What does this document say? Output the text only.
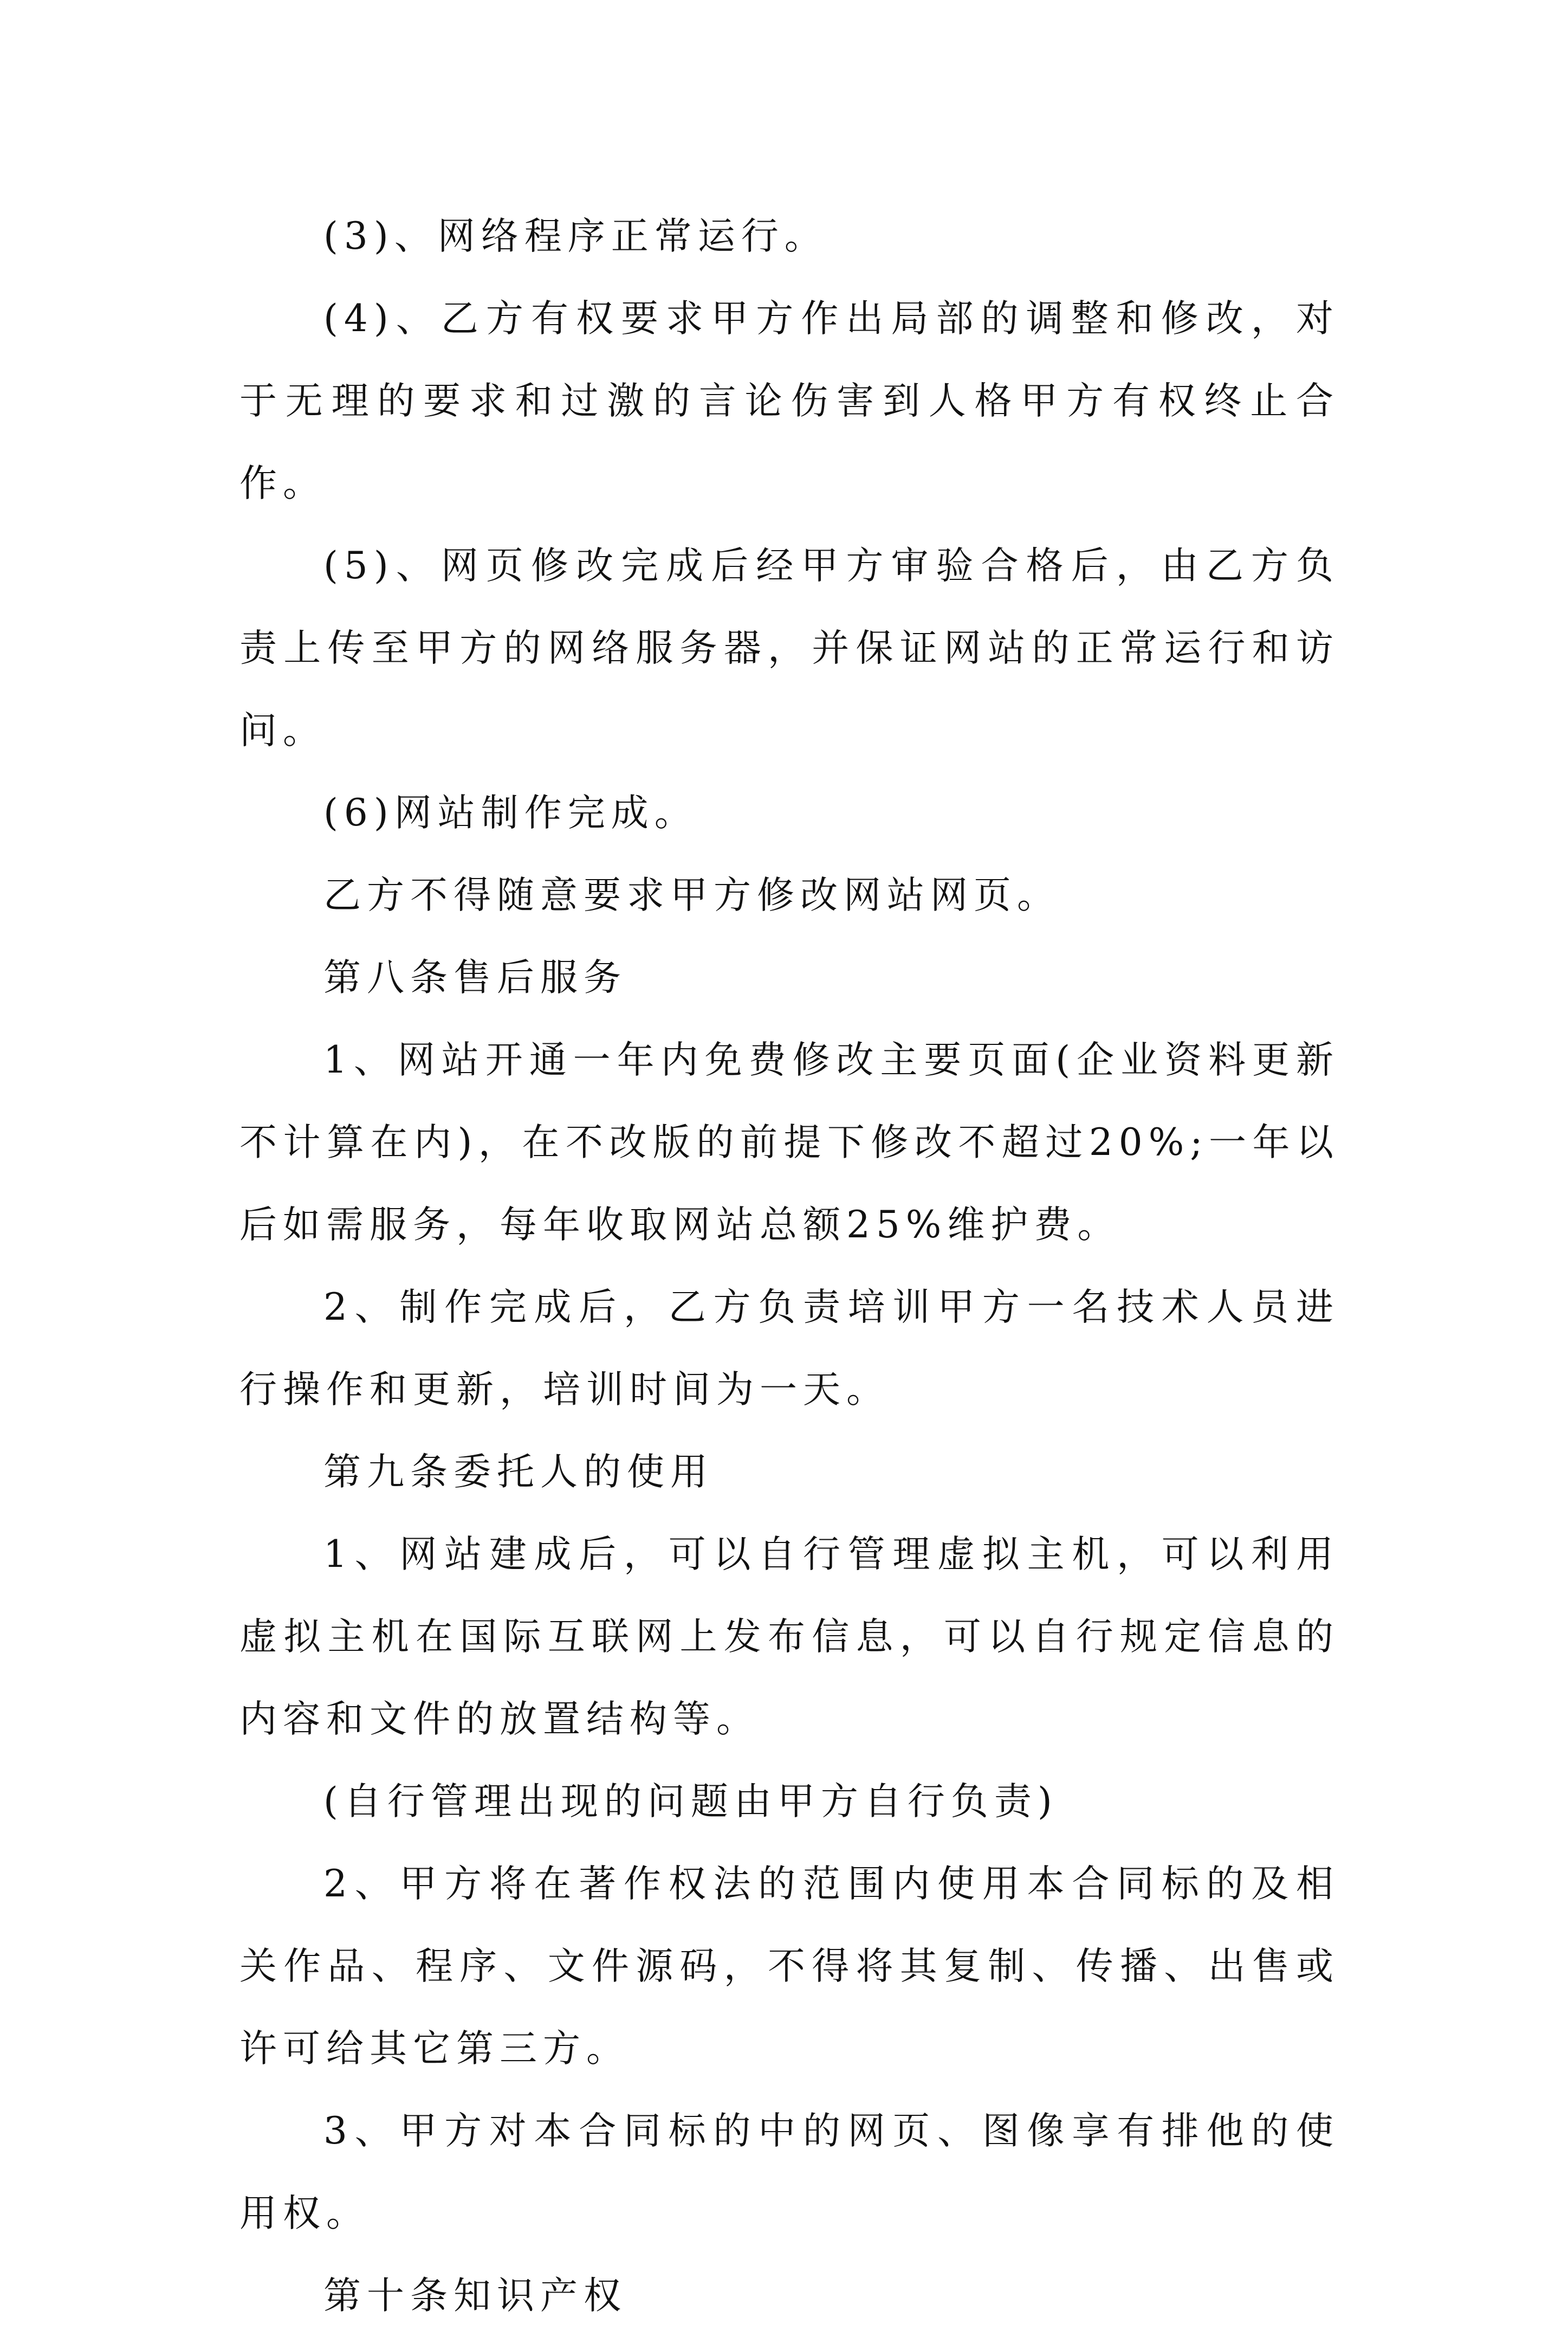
(3)、网络程序正常运行。

(4)、乙方有权要求甲方作出局部的调整和修改，对于无理的要求和过激的言论伤害到人格甲方有权终止合作。

(5)、网页修改完成后经甲方审验合格后，由乙方负责上传至甲方的网络服务器，并保证网站的正常运行和访问。

(6)网站制作完成。

乙方不得随意要求甲方修改网站网页。

第八条售后服务

1、网站开通一年内免费修改主要页面(企业资料更新不计算在内)，在不改版的前提下修改不超过20%;一年以后如需服务，每年收取网站总额25%维护费。

2、制作完成后，乙方负责培训甲方一名技术人员进行操作和更新，培训时间为一天。

第九条委托人的使用

1、网站建成后，可以自行管理虚拟主机，可以利用虚拟主机在国际互联网上发布信息，可以自行规定信息的内容和文件的放置结构等。

(自行管理出现的问题由甲方自行负责)

2、甲方将在著作权法的范围内使用本合同标的及相关作品、程序、文件源码，不得将其复制、传播、出售或许可给其它第三方。

3、甲方对本合同标的中的网页、图像享有排他的使用权。

第十条知识产权
